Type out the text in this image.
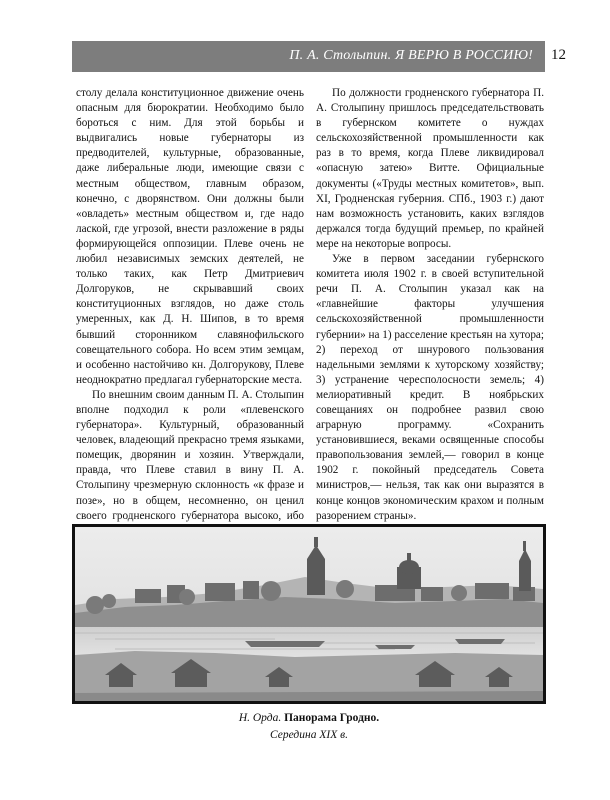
П. А. Столыпин. Я ВЕРЮ В РОССИЮ! 12

столу делала конституционное движение очень опасным для бюрократии. Необходимо было бороться с ним. Для этой борьбы и выдвигались новые губернаторы из предводителей, культурные, образованные, даже либеральные люди, имеющие связи с местным обществом, главным образом, конечно, с дворянством. Они должны были «овладеть» местным обществом и, где надо лаской, где угрозой, внести разложение в ряды формирующейся оппозиции. Плеве очень не любил независимых земских деятелей, не только таких, как Петр Дмитриевич Долгоруков, не скрывавший своих конституционных взглядов, но даже столь умеренных, как Д. Н. Шипов, в то время бывший сторонником славянофильского совещательного собора. Но всем этим земцам, и особенно настойчиво кн. Долгорукову, Плеве неоднократно предлагал губернаторские места.

По внешним своим данным П. А. Столыпин вполне подходил к роли «плевенского губернатора». Культурный, образованный человек, владеющий прекрасно тремя языками, помещик, дворянин и хозяин. Утверждали, правда, что Плеве ставил в вину П. А. Столыпину чрезмерную склонность «к фразе и позе», но в общем, несомненно, он ценил своего гродненского губернатора высоко, ибо

По должности гродненского губернатора П. А. Столыпину пришлось председательствовать в губернском комитете о нуждах сельскохозяйственной промышленности как раз в то время, когда Плеве ликвидировал «опасную затею» Витте. Официальные документы («Труды местных комитетов», вып. XI, Гродненская губерния. СПб., 1903 г.) дают нам возможность установить, каких взглядов держался тогда будущий премьер, по крайней мере на некоторые вопросы.

Уже в первом заседании губернского комитета июля 1902 г. в своей вступительной речи П. А. Столыпин указал как на «главнейшие факторы улучшения сельскохозяйственной промышленности губернии» на 1) расселение крестьян на хутора; 2) переход от шнурового пользования надельными землями к хуторскому хозяйству; 3) устранение чересполосности земель; 4) мелиоративный кредит. В ноябрьских совещаниях он подробнее развил свою аграрную программу. «Сохранить установившиеся, веками освященные способы правопользования землей,— говорил в конце 1902 г. покойный председатель Совета министров,— нельзя, так как они выразятся в конце концов экономическим крахом и полным разорением страны».

Н. Орда. Панорама Гродно.
Середина XIX в.
